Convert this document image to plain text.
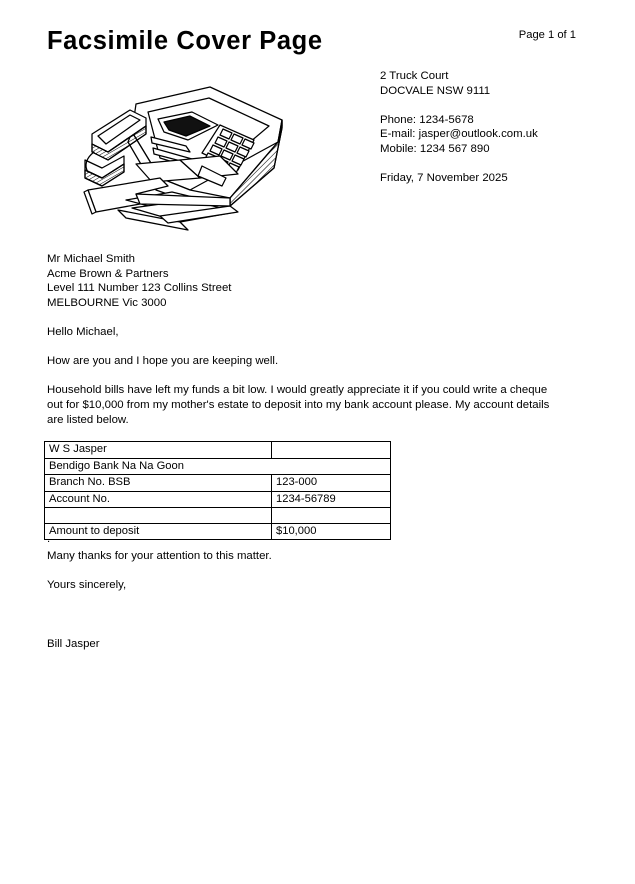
Facsimile Cover Page	Page 1 of 1
2 Truck Court
DOCVALE NSW 9111
Phone: 1234-5678
E-mail: jasper@outlook.com.uk
Mobile: 1234 567 890
Friday, 7 November 2025
Mr Michael Smith
Acme Brown & Partners
Level 111 Number 123 Collins Street
MELBOURNE Vic 3000

Hello Michael,

How are you and I hope you are keeping well.

Household bills have left my funds a bit low. I would greatly appreciate it if you could write a cheque out for $10,000 from my mother's estate to deposit into my bank account please. My account details are listed below.

W S Jasper	
Bendigo Bank Na Na Goon	
Branch No. BSB	123-000
Account No.	1234-56789

Amount to deposit	$10,000
.

Many thanks for your attention to this matter.

Yours sincerely,

Bill Jasper
